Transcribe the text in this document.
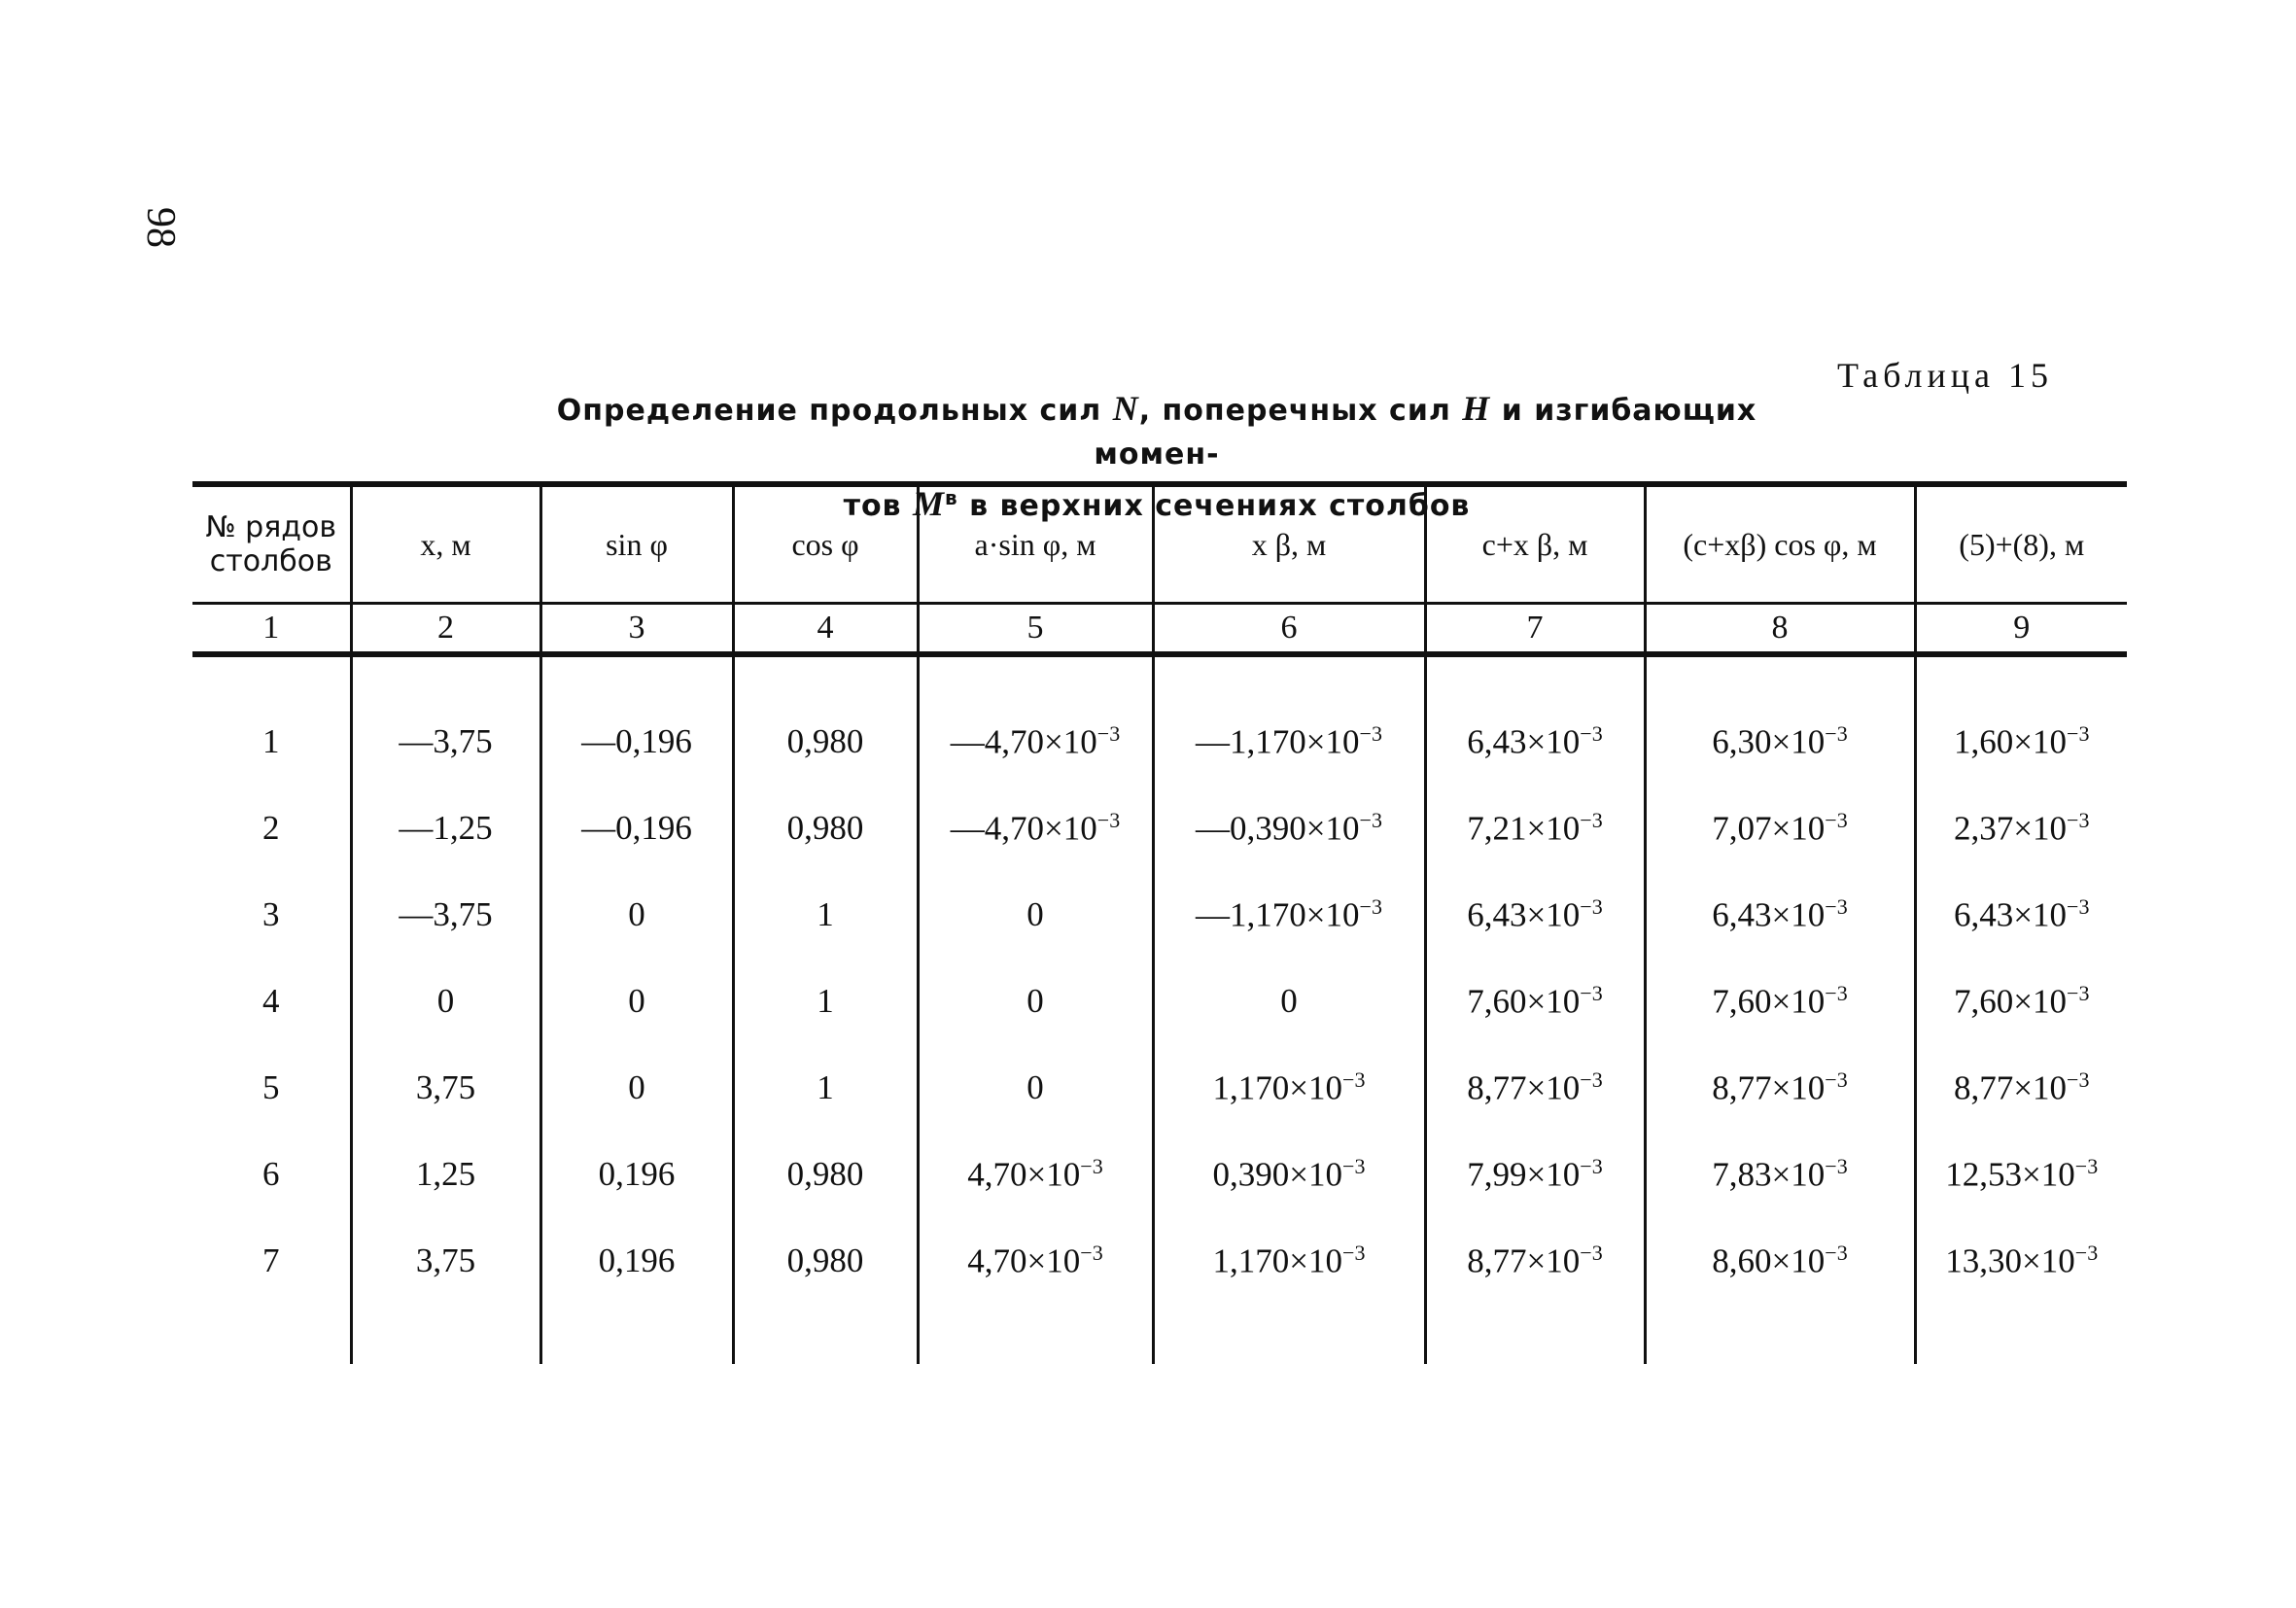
98
Таблица 15
Определение продольных сил N, поперечных сил H и изгибающих момен-
тов $M^в$ в верхних сечениях столбов
№ рядов столбов	x, м	sin φ	cos φ	a·sin φ, м	x β, м	c+x β, м	(c+xβ) cos φ, м	(5)+(8), м
1	2	3	4	5	6	7	8	9

1	—3,75	—0,196	0,980	$—4,70\times 10^{-3}$	$—1,170\times 10^{-3}$	$6,43\times 10^{-3}$	$6,30\times 10^{-3}$	$1,60\times 10^{-3}$
2	—1,25	—0,196	0,980	$—4,70\times 10^{-3}$	$—0,390\times 10^{-3}$	$7,21\times 10^{-3}$	$7,07\times 10^{-3}$	$2,37\times 10^{-3}$
3	—3,75	0	1	0	$—1,170\times 10^{-3}$	$6,43\times 10^{-3}$	$6,43\times 10^{-3}$	$6,43\times 10^{-3}$
4	0	0	1	0	0	$7,60\times 10^{-3}$	$7,60\times 10^{-3}$	$7,60\times 10^{-3}$
5	3,75	0	1	0	$1,170\times 10^{-3}$	$8,77\times 10^{-3}$	$8,77\times 10^{-3}$	$8,77\times 10^{-3}$
6	1,25	0,196	0,980	$4,70\times 10^{-3}$	$0,390\times 10^{-3}$	$7,99\times 10^{-3}$	$7,83\times 10^{-3}$	$12,53\times 10^{-3}$
7	3,75	0,196	0,980	$4,70\times 10^{-3}$	$1,170\times 10^{-3}$	$8,77\times 10^{-3}$	$8,60\times 10^{-3}$	$13,30\times 10^{-3}$
